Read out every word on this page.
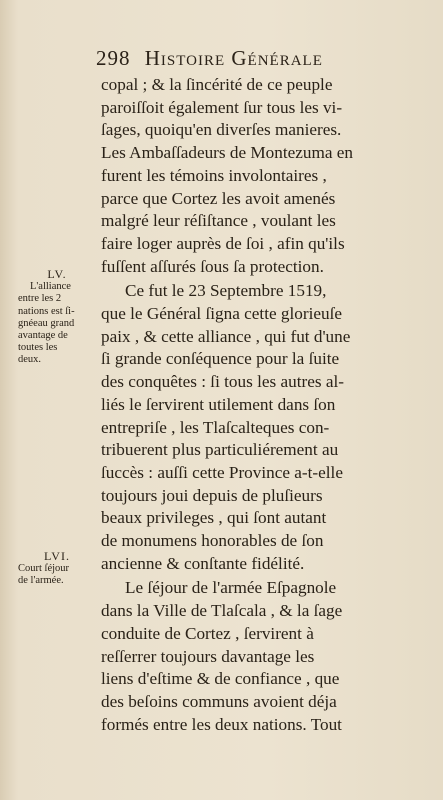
298 Histoire Générale
LV.
L'alliance
entre les 2
nations est ſi-
gnéeau grand
avantage de
toutes les
deux.
LVI.
Court ſéjour
de l'armée.
copal ; & la ſincérité de ce peuple
paroiſſoit également ſur tous les vi-
ſages, quoiqu'en diverſes manieres.
Les Ambaſſadeurs de Montezuma en
furent les témoins involontaires ,
parce que Cortez les avoit amenés
malgré leur réſiſtance , voulant les
faire loger auprès de ſoi , afin qu'ils
fuſſent aſſurés ſous ſa protection.
Ce fut le 23 Septembre 1519,
que le Général ſigna cette glorieuſe
paix , & cette alliance , qui fut d'une
ſi grande conſéquence pour la ſuite
des conquêtes : ſi tous les autres al-
liés le ſervirent utilement dans ſon
entrepriſe , les Tlaſcalteques con-
tribuerent plus particuliérement au
ſuccès : auſſi cette Province a-t-elle
toujours joui depuis de pluſieurs
beaux privileges , qui ſont autant
de monumens honorables de ſon
ancienne & conſtante fidélité.
Le ſéjour de l'armée Eſpagnole
dans la Ville de Tlaſcala , & la ſage
conduite de Cortez , ſervirent à
reſſerrer toujours davantage les
liens d'eſtime & de confiance , que
des beſoins communs avoient déja
formés entre les deux nations. Tout
